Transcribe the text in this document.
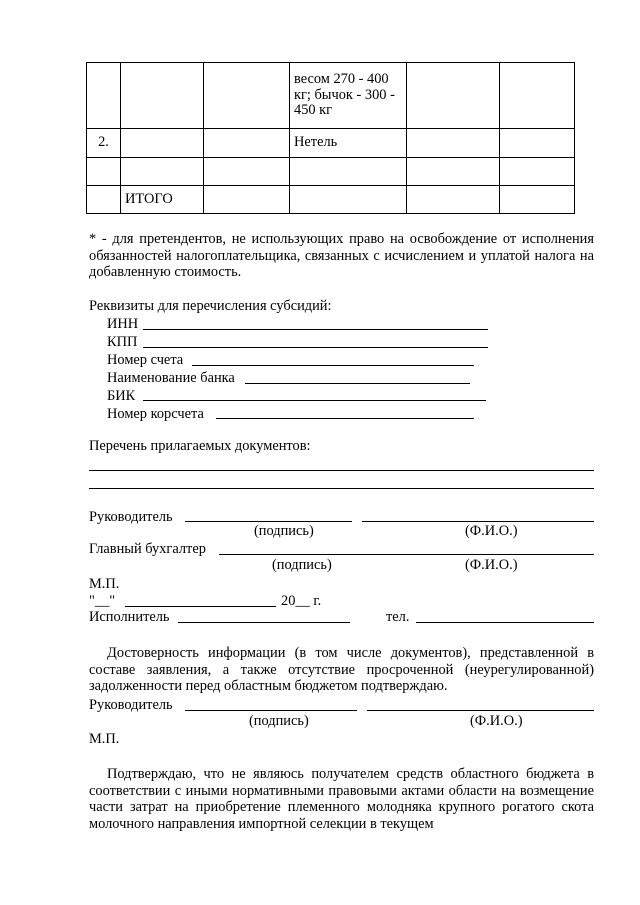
			весом 270 - 400 кг; бычок - 300 - 450 кг		
2.			Нетель		

	ИТОГО				
* - для претендентов, не использующих право на освобождение от исполнения обязанностей налогоплательщика, связанных с исчислением и уплатой налога на добавленную стоимость.
Реквизиты для перечисления субсидий:
ИНН
КПП
Номер счета
Наименование банка
БИК
Номер корсчета
Перечень прилагаемых документов:
Руководитель
(подпись)	(Ф.И.О.)
Главный бухгалтер
(подпись)	(Ф.И.О.)
М.П.
"__"	20__ г.
Исполнитель	тел.
Достоверность информации (в том числе документов), представленной в составе заявления, а также отсутствие просроченной (неурегулированной) задолженности перед областным бюджетом подтверждаю.
Руководитель
(подпись)	(Ф.И.О.)
М.П.
Подтверждаю, что не являюсь получателем средств областного бюджета в соответствии с иными нормативными правовыми актами области на возмещение части затрат на приобретение племенного молодняка крупного рогатого скота молочного направления импортной селекции в текущем
